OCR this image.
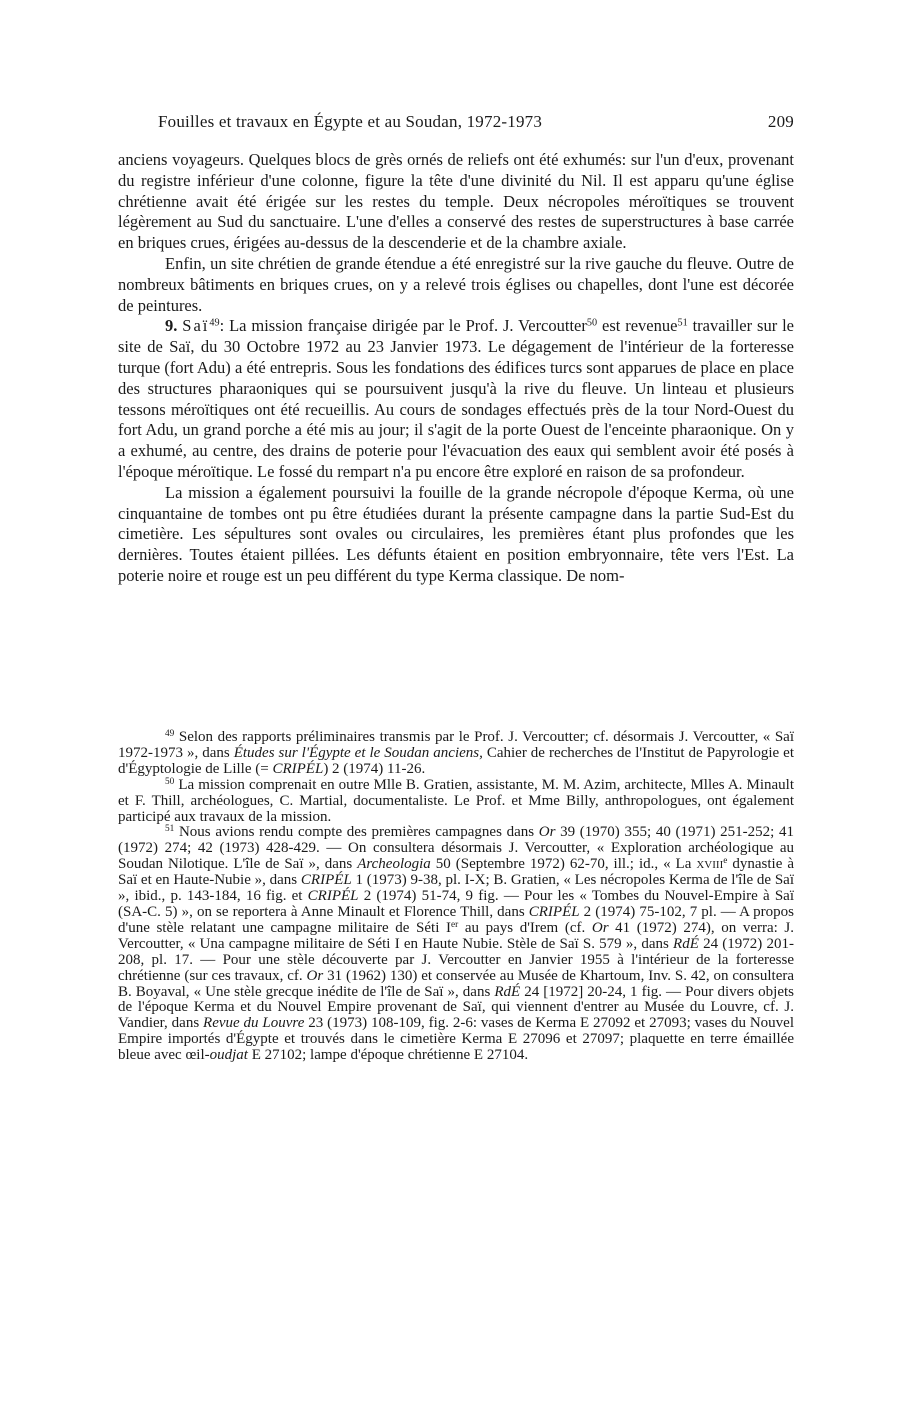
Fouilles et travaux en Égypte et au Soudan, 1972-1973	209

anciens voyageurs. Quelques blocs de grès ornés de reliefs ont été exhumés: sur l'un d'eux, provenant du registre inférieur d'une colonne, figure la tête d'une divinité du Nil. Il est apparu qu'une église chrétienne avait été érigée sur les restes du temple. Deux nécropoles méroïtiques se trouvent légèrement au Sud du sanctuaire. L'une d'elles a conservé des restes de superstructures à base carrée en briques crues, érigées au-dessus de la descenderie et de la chambre axiale.

Enfin, un site chrétien de grande étendue a été enregistré sur la rive gauche du fleuve. Outre de nombreux bâtiments en briques crues, on y a relevé trois églises ou chapelles, dont l'une est décorée de peintures.

9. Saï$^{49}$: La mission française dirigée par le Prof. J. Vercoutter$^{50}$ est revenue$^{51}$ travailler sur le site de Saï, du 30 Octobre 1972 au 23 Janvier 1973. Le dégagement de l'intérieur de la forteresse turque (fort Adu) a été entrepris. Sous les fondations des édifices turcs sont apparues de place en place des structures pharaoniques qui se poursuivent jusqu'à la rive du fleuve. Un linteau et plusieurs tessons méroïtiques ont été recueillis. Au cours de sondages effectués près de la tour Nord-Ouest du fort Adu, un grand porche a été mis au jour; il s'agit de la porte Ouest de l'enceinte pharaonique. On y a exhumé, au centre, des drains de poterie pour l'évacuation des eaux qui semblent avoir été posés à l'époque méroïtique. Le fossé du rempart n'a pu encore être exploré en raison de sa profondeur.

La mission a également poursuivi la fouille de la grande nécropole d'époque Kerma, où une cinquantaine de tombes ont pu être étudiées durant la présente campagne dans la partie Sud-Est du cimetière. Les sépultures sont ovales ou circulaires, les premières étant plus profondes que les dernières. Toutes étaient pillées. Les défunts étaient en position embryonnaire, tête vers l'Est. La poterie noire et rouge est un peu différent du type Kerma classique. De nom-

$^{49}$ Selon des rapports préliminaires transmis par le Prof. J. Vercoutter; cf. désormais J. Vercoutter, « Saï 1972-1973 », dans Études sur l'Égypte et le Soudan anciens, Cahier de recherches de l'Institut de Papyrologie et d'Égyptologie de Lille (= CRIPÉL) 2 (1974) 11-26.

$^{50}$ La mission comprenait en outre Mlle B. Gratien, assistante, M. M. Azim, architecte, Mlles A. Minault et F. Thill, archéologues, C. Martial, documentaliste. Le Prof. et Mme Billy, anthropologues, ont également participé aux travaux de la mission.

$^{51}$ Nous avions rendu compte des premières campagnes dans Or 39 (1970) 355; 40 (1971) 251-252; 41 (1972) 274; 42 (1973) 428-429. — On consultera désormais J. Vercoutter, « Exploration archéologique au Soudan Nilotique. L'île de Saï », dans Archeologia 50 (Septembre 1972) 62-70, ill.; id., « La xviii$^e$ dynastie à Saï et en Haute-Nubie », dans CRIPÉL 1 (1973) 9-38, pl. I-X; B. Gratien, « Les nécropoles Kerma de l'île de Saï », ibid., p. 143-184, 16 fig. et CRIPÉL 2 (1974) 51-74, 9 fig. — Pour les « Tombes du Nouvel-Empire à Saï (SA-C. 5) », on se reportera à Anne Minault et Florence Thill, dans CRIPÉL 2 (1974) 75-102, 7 pl. — A propos d'une stèle relatant une campagne militaire de Séti Ier au pays d'Irem (cf. Or 41 (1972) 274), on verra: J. Vercoutter, « Una campagne militaire de Séti I en Haute Nubie. Stèle de Saï S. 579 », dans RdÉ 24 (1972) 201-208, pl. 17. — Pour une stèle découverte par J. Vercoutter en Janvier 1955 à l'intérieur de la forteresse chrétienne (sur ces travaux, cf. Or 31 (1962) 130) et conservée au Musée de Khartoum, Inv. S. 42, on consultera B. Boyaval, « Une stèle grecque inédite de l'île de Saï », dans RdÉ 24 [1972] 20-24, 1 fig. — Pour divers objets de l'époque Kerma et du Nouvel Empire provenant de Saï, qui viennent d'entrer au Musée du Louvre, cf. J. Vandier, dans Revue du Louvre 23 (1973) 108-109, fig. 2-6: vases de Kerma E 27092 et 27093; vases du Nouvel Empire importés d'Égypte et trouvés dans le cimetière Kerma E 27096 et 27097; plaquette en terre émaillée bleue avec œil-oudjat E 27102; lampe d'époque chrétienne E 27104.
